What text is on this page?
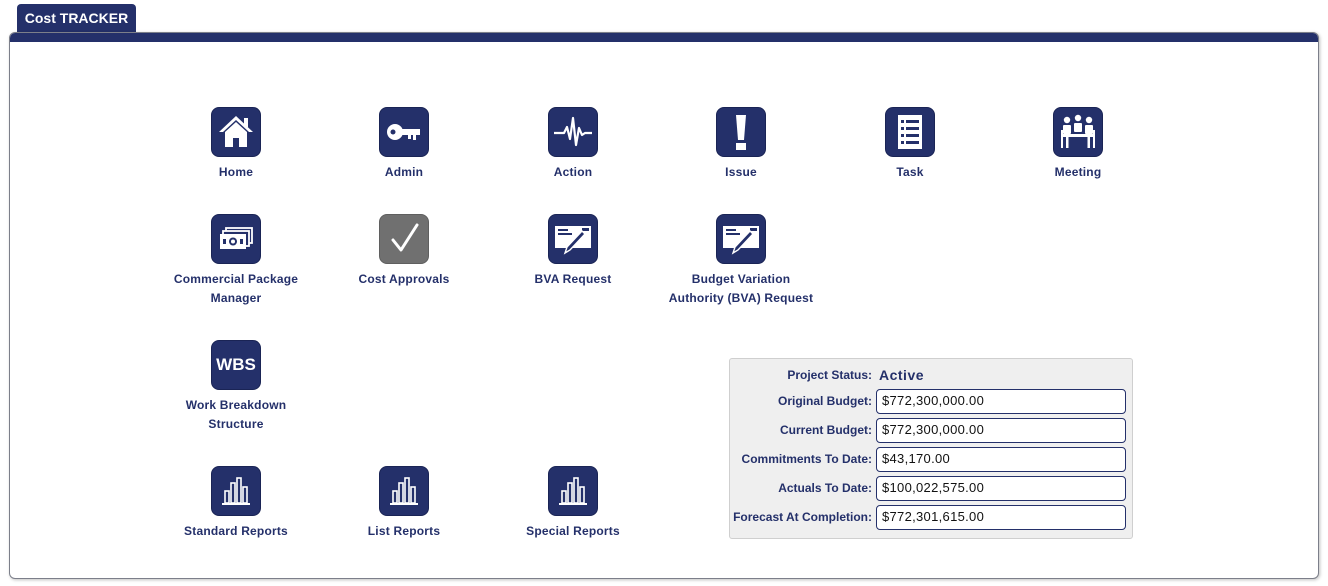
Cost TRACKER
Home	Admin	Action	Issue	Task	Meeting
Commercial Package
Manager
Cost Approvals	BVA Request	Budget Variation
Authority (BVA) Request
WBS
Work Breakdown
Structure
Standard Reports	List Reports	Special Reports
Project Status: Active
Original Budget: $772,300,000.00
Current Budget: $772,300,000.00
Commitments To Date: $43,170.00
Actuals To Date: $100,022,575.00
Forecast At Completion: $772,301,615.00
